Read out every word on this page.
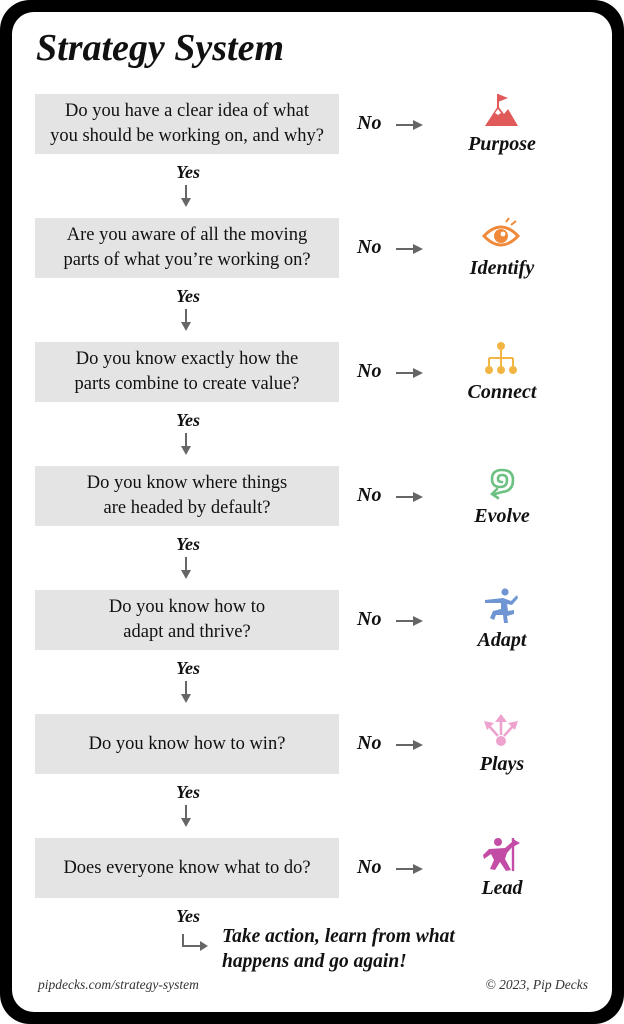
Strategy System
Do you have a clear idea of what
you should be working on, and why?
No
Purpose
Yes
Are you aware of all the moving
parts of what you’re working on?
No
Identify
Yes
Do you know exactly how the
parts combine to create value?
No
Connect
Yes
Do you know where things
are headed by default?
No
Evolve
Yes
Do you know how to
adapt and thrive?
No
Adapt
Yes
Do you know how to win?	No
Plays
Yes
Does everyone know what to do? No
Lead
Yes
Take action, learn from what
happens and go again!
pipdecks.com/strategy-system	© 2023, Pip Decks
